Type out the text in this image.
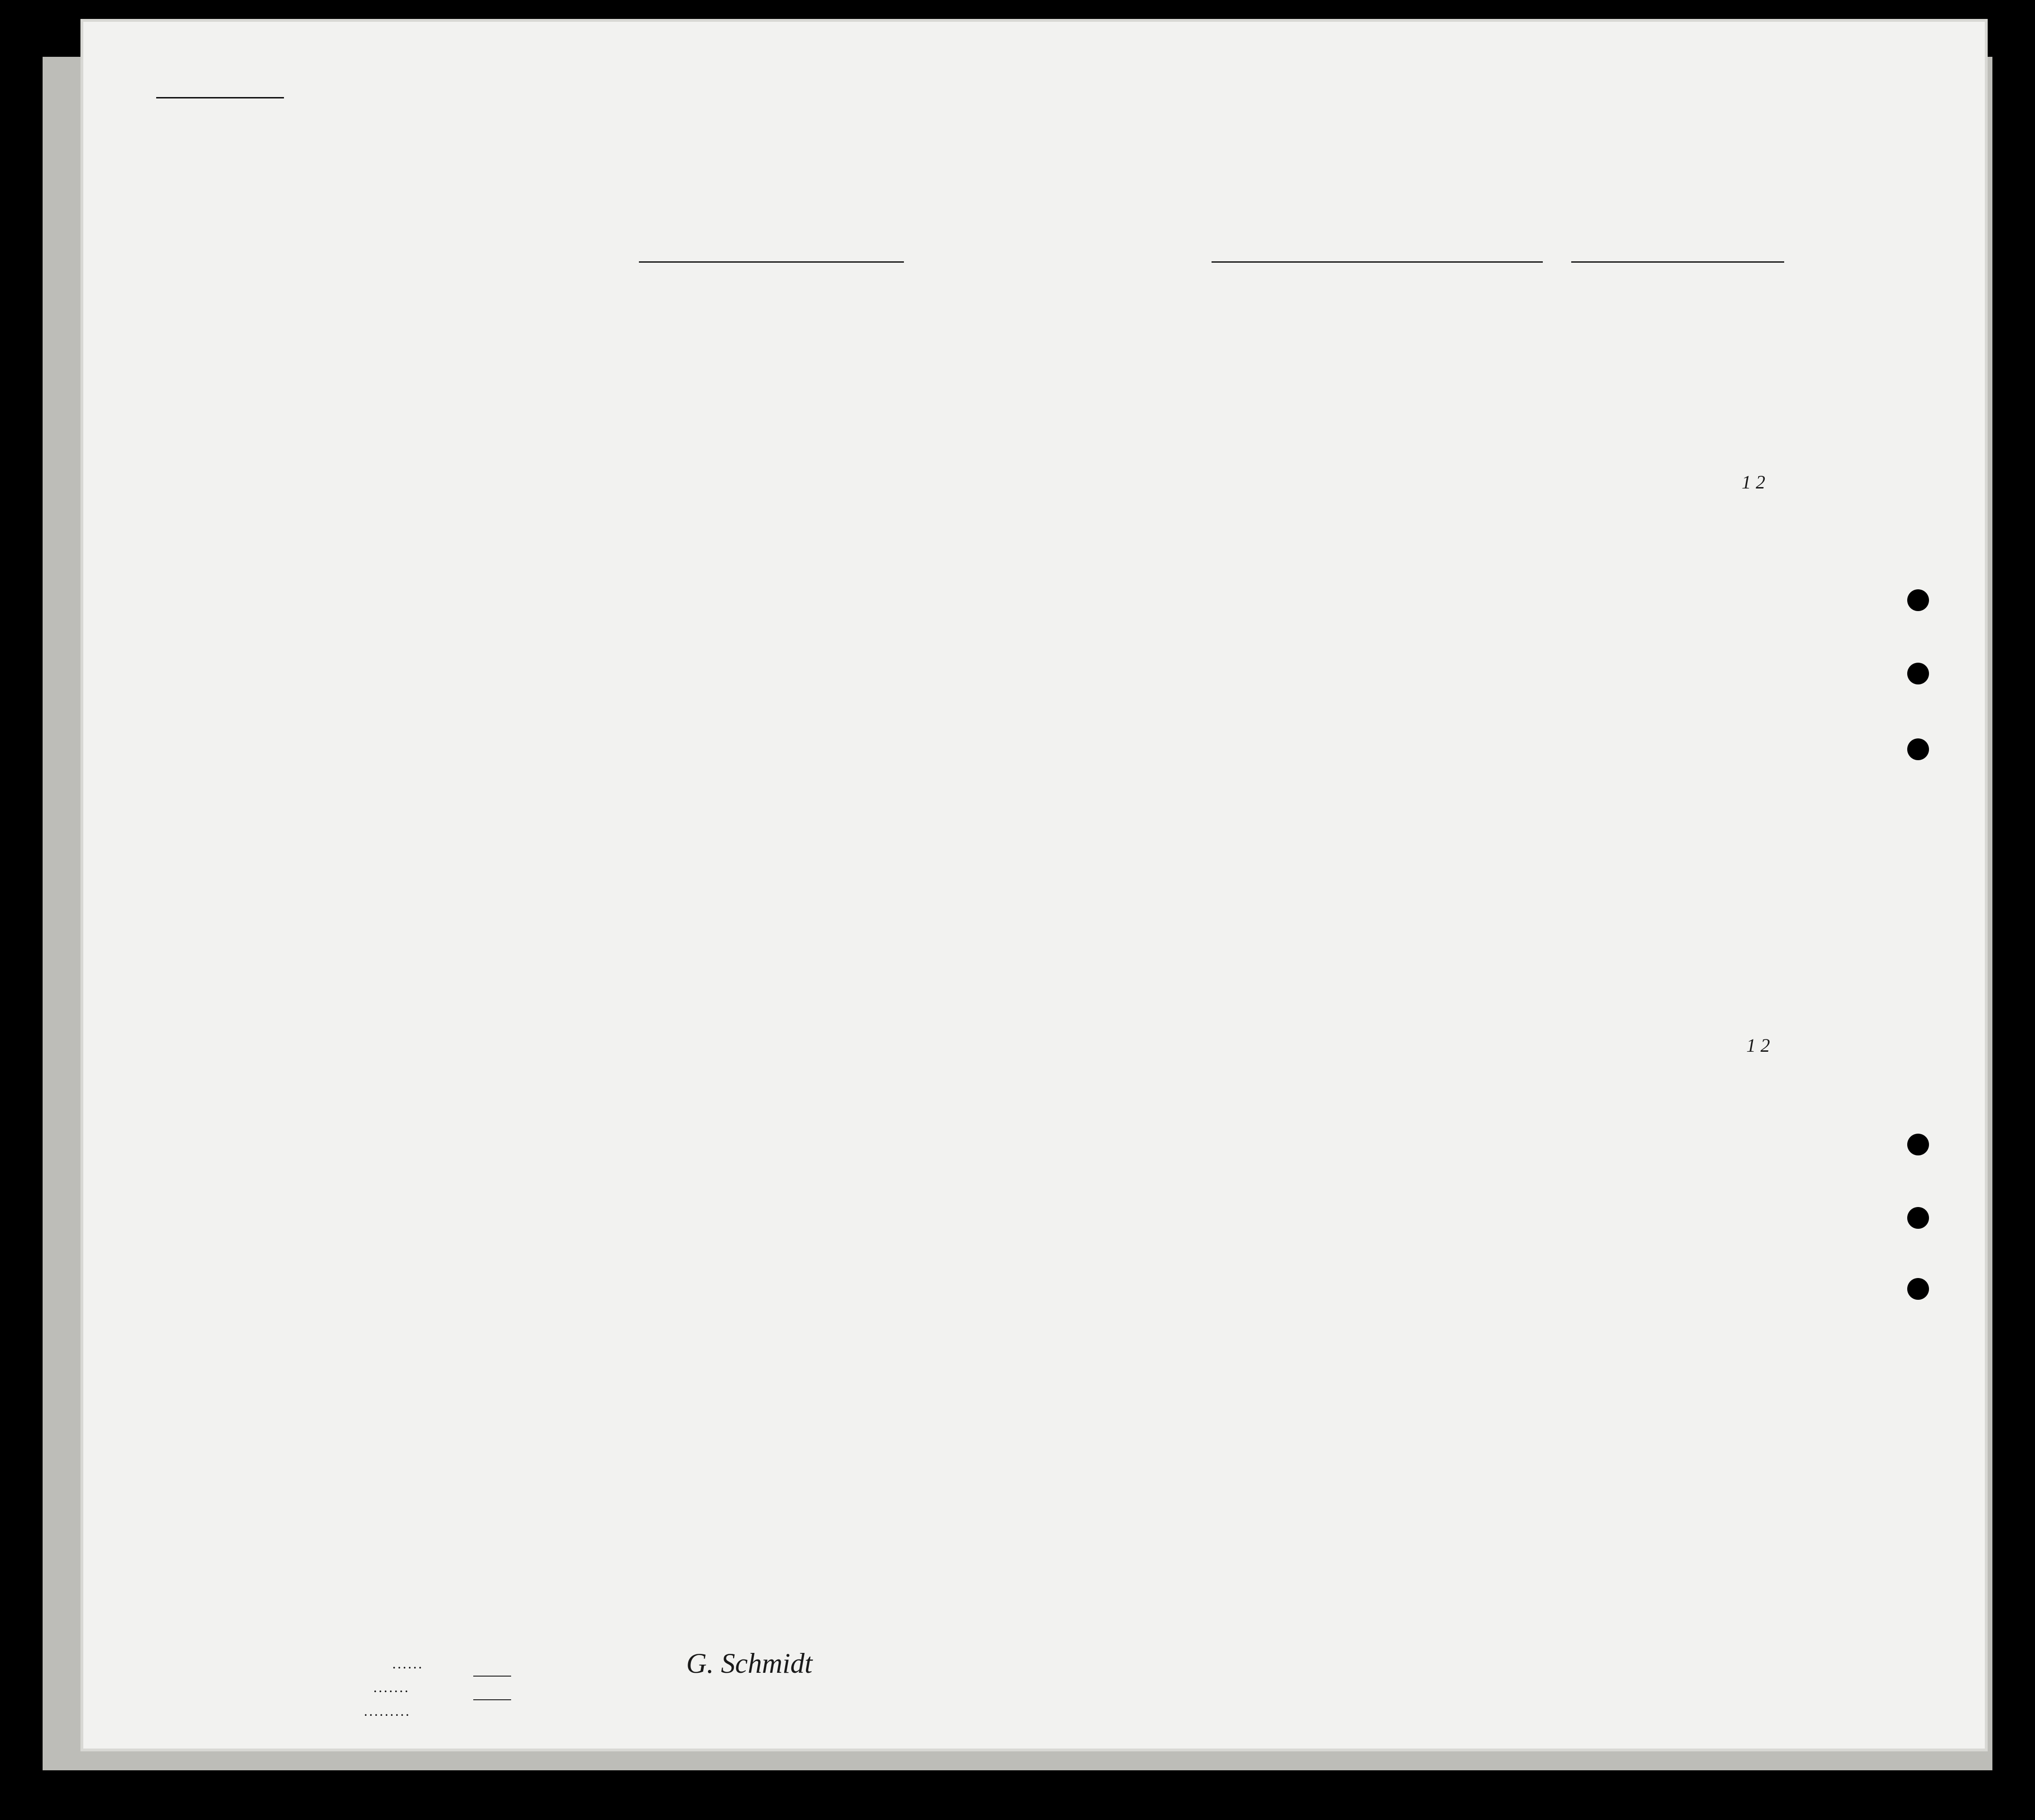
1 2
1 2
. . . . . .
. . . . . . .
. . . . . . . . .
G. Schmidt
